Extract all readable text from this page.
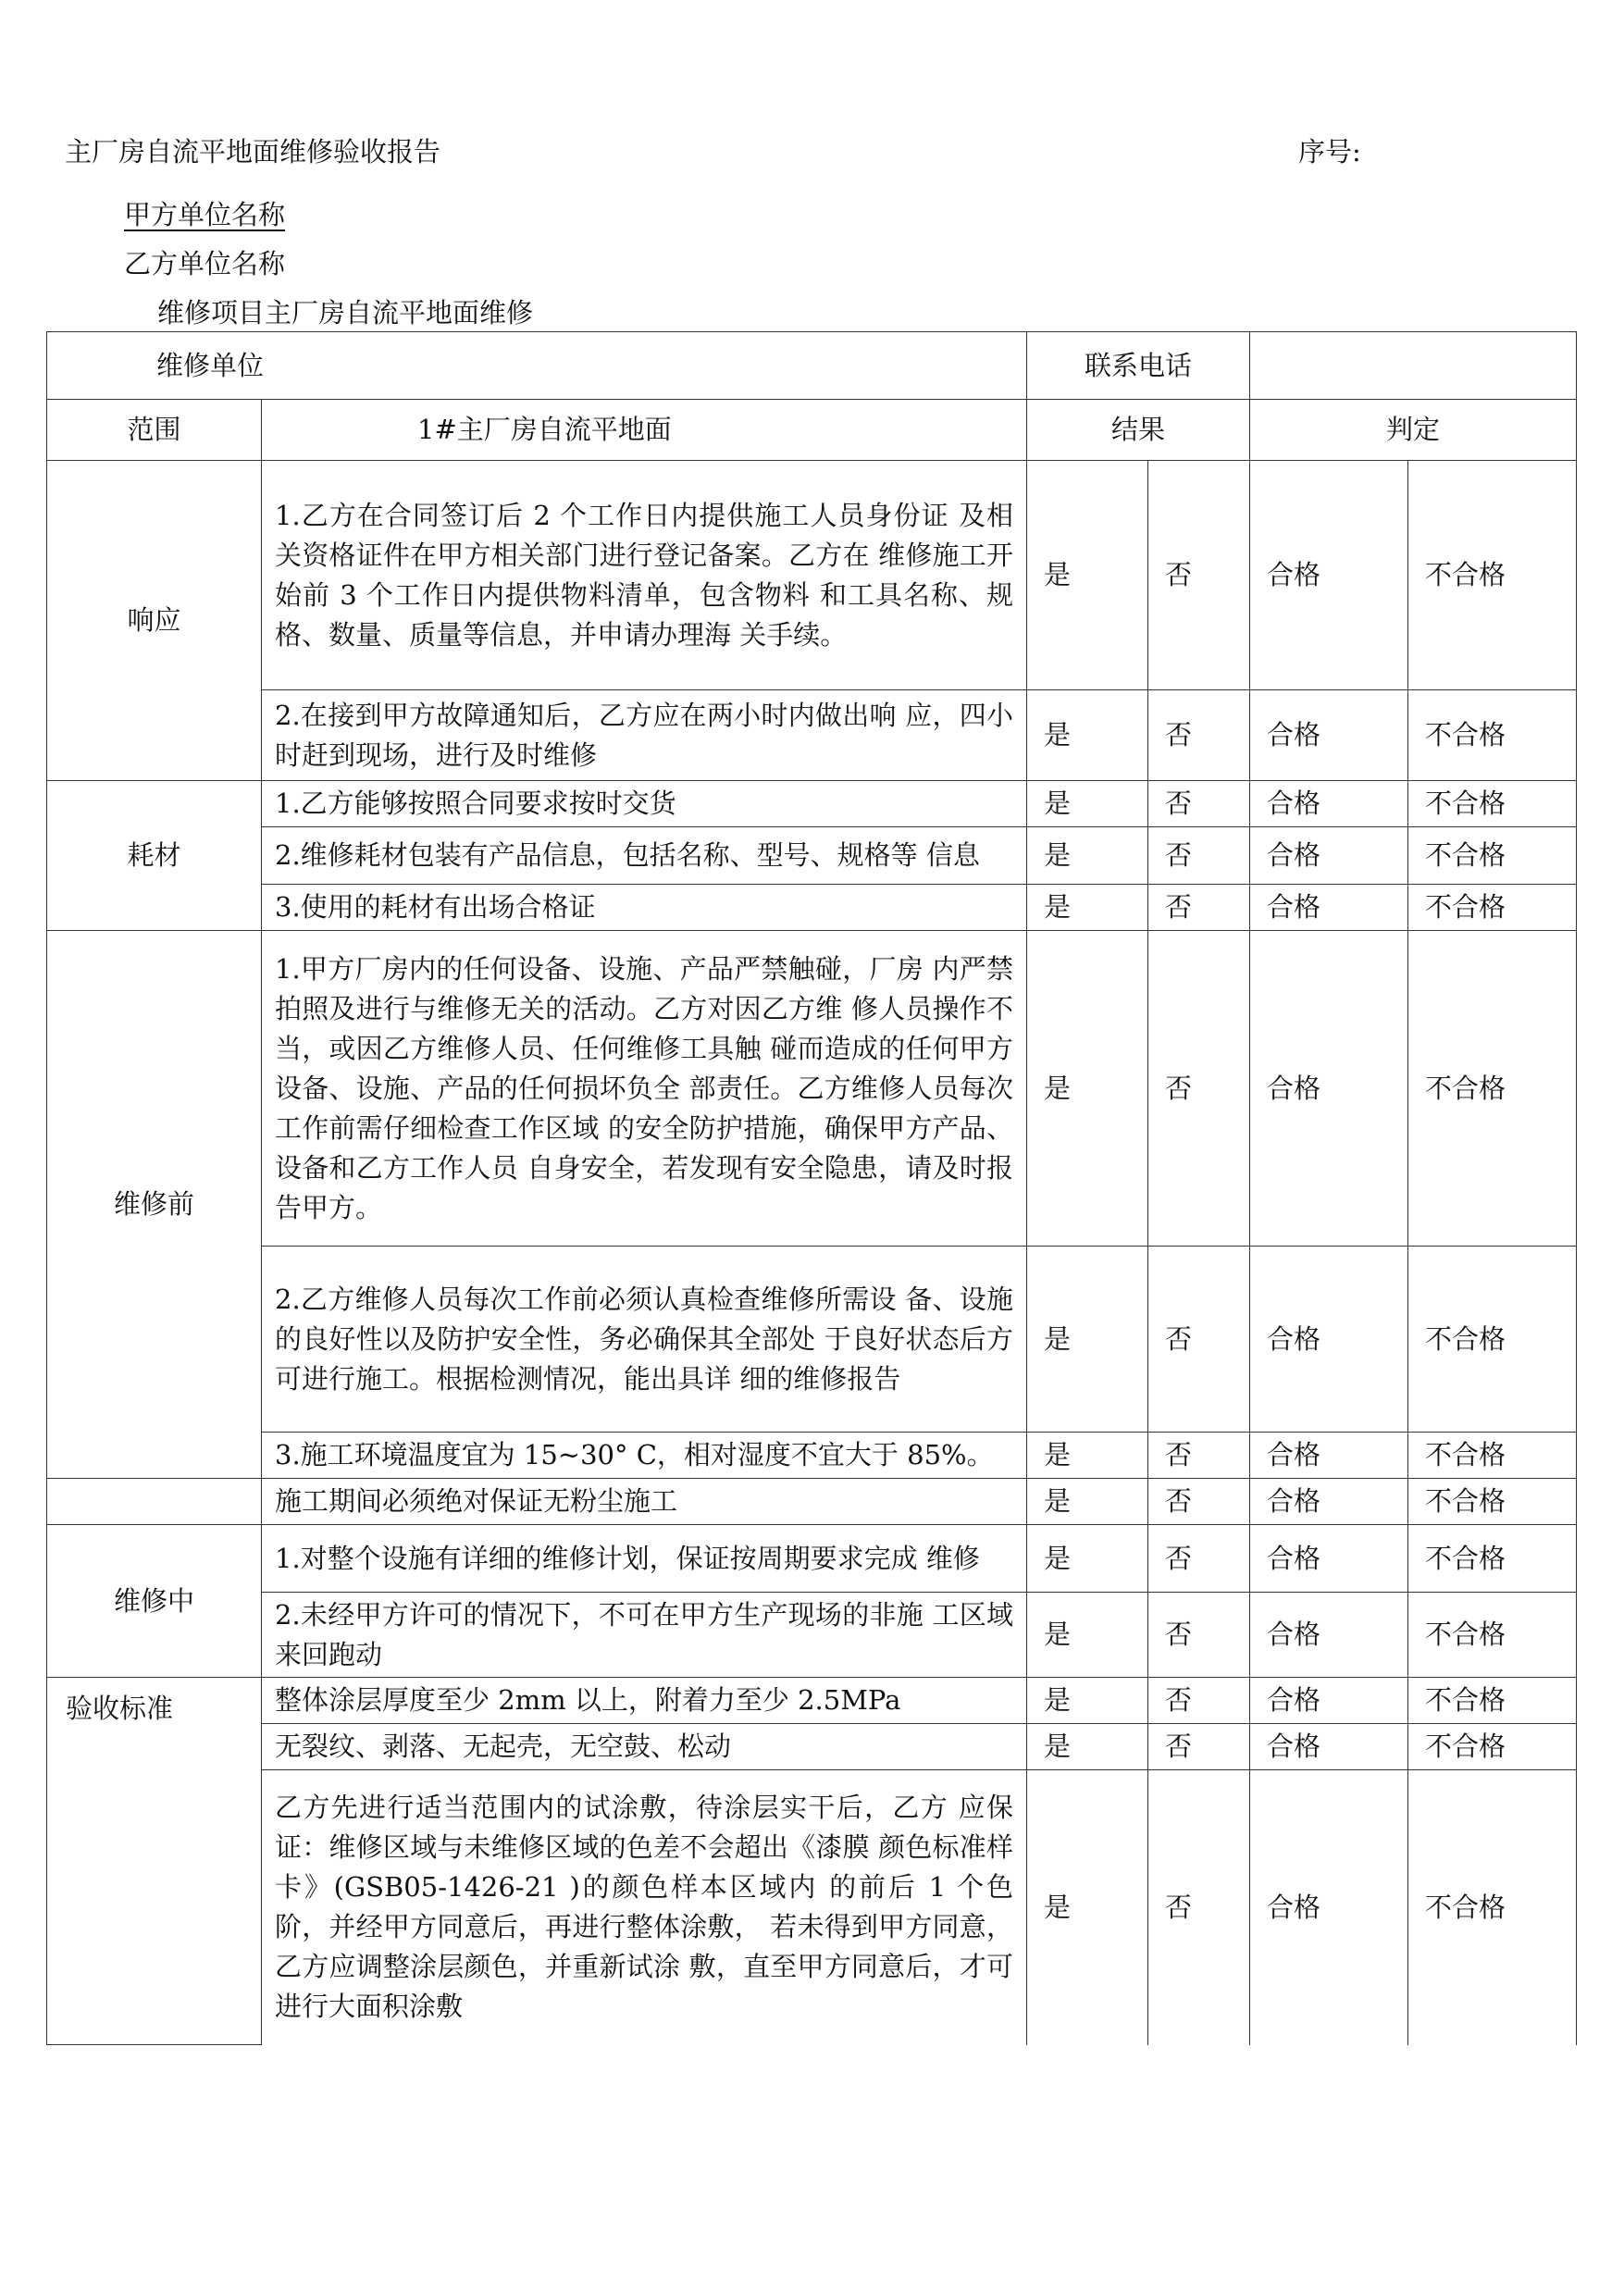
主厂房自流平地面维修验收报告	序号:
甲方单位名称
乙方单位名称
维修项目主厂房自流平地面维修
维修单位		联系电话			
范围	1#主厂房自流平地面	结果		判定	
响应	1.乙方在合同签订后 2 个工作日内提供施工人员身份证 及相关资格证件在甲方相关部门进行登记备案。乙方在 维修施工开始前 3 个工作日内提供物料清单，包含物料 和工具名称、规格、数量、质量等信息，并申请办理海 关手续。	是	否	合格	不合格
	2.在接到甲方故障通知后，乙方应在两小时内做出响 应，四小时赶到现场，进行及时维修	是	否	合格	不合格
耗材	1.乙方能够按照合同要求按时交货	是	否	合格	不合格
	2.维修耗材包装有产品信息，包括名称、型号、规格等 信息	是	否	合格	不合格
	3.使用的耗材有出场合格证	是	否	合格	不合格
维修前	1.甲方厂房内的任何设备、设施、产品严禁触碰，厂房 内严禁拍照及进行与维修无关的活动。乙方对因乙方维 修人员操作不当，或因乙方维修人员、任何维修工具触 碰而造成的任何甲方设备、设施、产品的任何损坏负全 部责任。乙方维修人员每次工作前需仔细检查工作区域 的安全防护措施，确保甲方产品、设备和乙方工作人员 自身安全，若发现有安全隐患，请及时报告甲方。	是	否	合格	不合格
	2.乙方维修人员每次工作前必须认真检查维修所需设 备、设施的良好性以及防护安全性，务必确保其全部处 于良好状态后方可进行施工。根据检测情况，能出具详 细的维修报告	是	否	合格	不合格
	3.施工环境温度宜为 15~30° C，相对湿度不宜大于 85%。	是	否	合格	不合格
	施工期间必须绝对保证无粉尘施工	是	否	合格	不合格
维修中	1.对整个设施有详细的维修计划，保证按周期要求完成 维修	是	否	合格	不合格
	2.未经甲方许可的情况下，不可在甲方生产现场的非施 工区域来回跑动	是	否	合格	不合格
验收标准	整体涂层厚度至少 2mm 以上，附着力至少 2.5MPa	是	否	合格	不合格
	无裂纹、剥落、无起壳，无空鼓、松动	是	否	合格	不合格
	乙方先进行适当范围内的试涂敷，待涂层实干后，乙方 应保证：维修区域与未维修区域的色差不会超出《漆膜 颜色标准样卡》(GSB05-1426-21 )的颜色样本区域内 的前后 1 个色阶，并经甲方同意后，再进行整体涂敷， 若未得到甲方同意，乙方应调整涂层颜色，并重新试涂 敷，直至甲方同意后，才可进行大面积涂敷	是	否	合格	不合格
